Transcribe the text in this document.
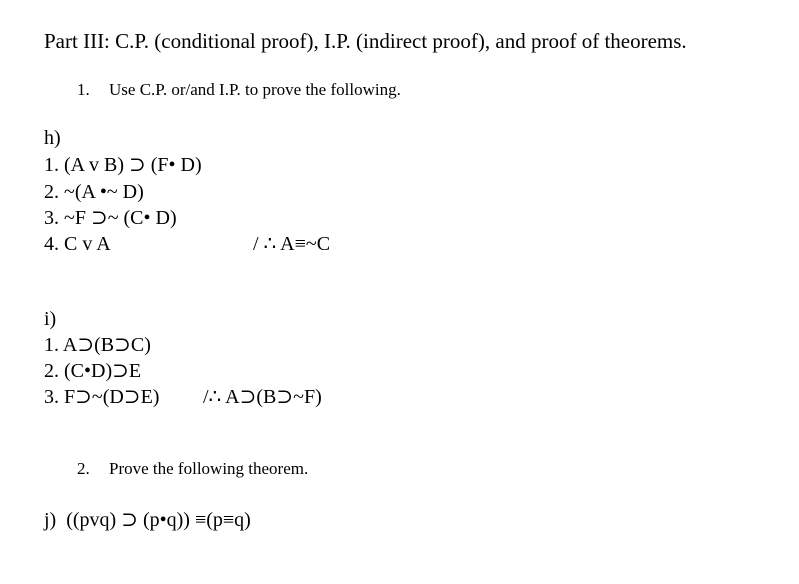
Part III: C.P. (conditional proof), I.P. (indirect proof), and proof of theorems.
1. Use C.P. or/and I.P. to prove the following.
h)
1. (A v B) ⊃ (F• D)
2. ~(A •~ D)
3. ~F ⊃~ (C• D)
4. C v A	/ ∴ A≡~C
i)
1. A⊃(B⊃C)
2. (C•D)⊃E
3. F⊃~(D⊃E) /∴ A⊃(B⊃~F)
2. Prove the following theorem.
j)  ((pvq) ⊃ (p•q)) ≡(p≡q)
